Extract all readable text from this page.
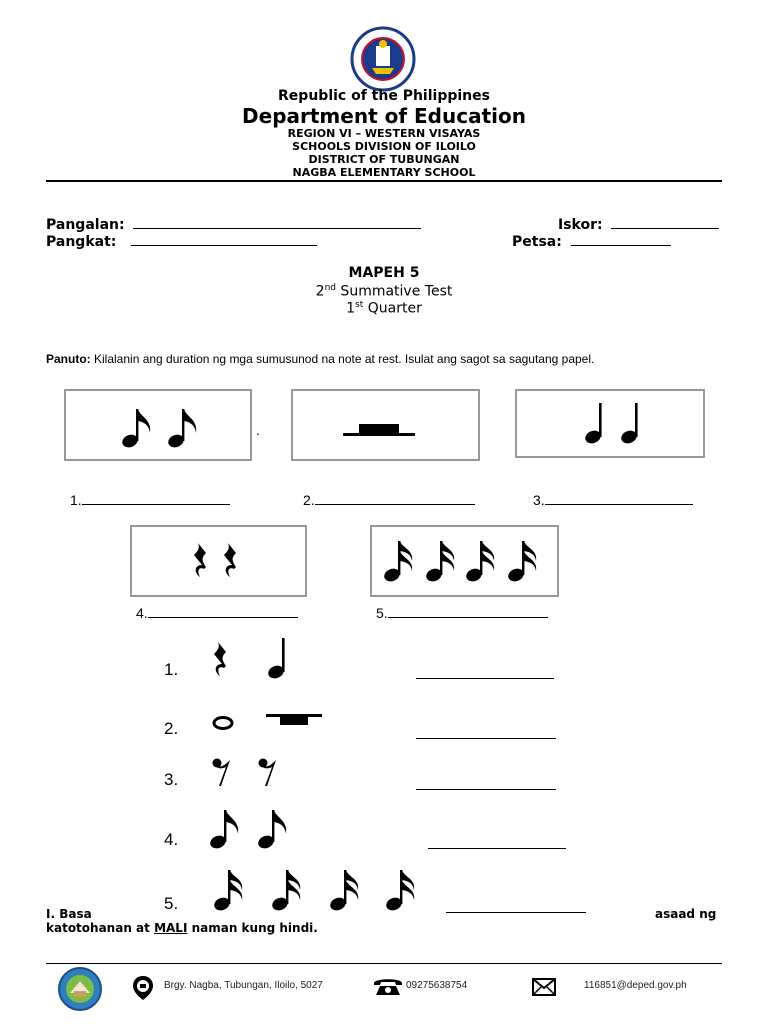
Republic of the Philippines
Department of Education
REGION VI – WESTERN VISAYAS
SCHOOLS DIVISION OF ILOILO
DISTRICT OF TUBUNGAN
NAGBA ELEMENTARY SCHOOL
Pangalan:
Pangkat:
Iskor:
Petsa:
MAPEH 5
2nd Summative Test
1st Quarter
Panuto: Kilalanin ang duration ng mga sumusunod na note at rest. Isulat ang sagot sa sagutang papel.
.
1.	2.	3.
4.	5.
1.
2.
3.
4.
5.
I. Basa	asaad ng
katotohanan at MALI naman kung hindi.
Brgy. Nagba, Tubungan, Iloilo, 5027	09275638754	116851@deped.gov.ph
